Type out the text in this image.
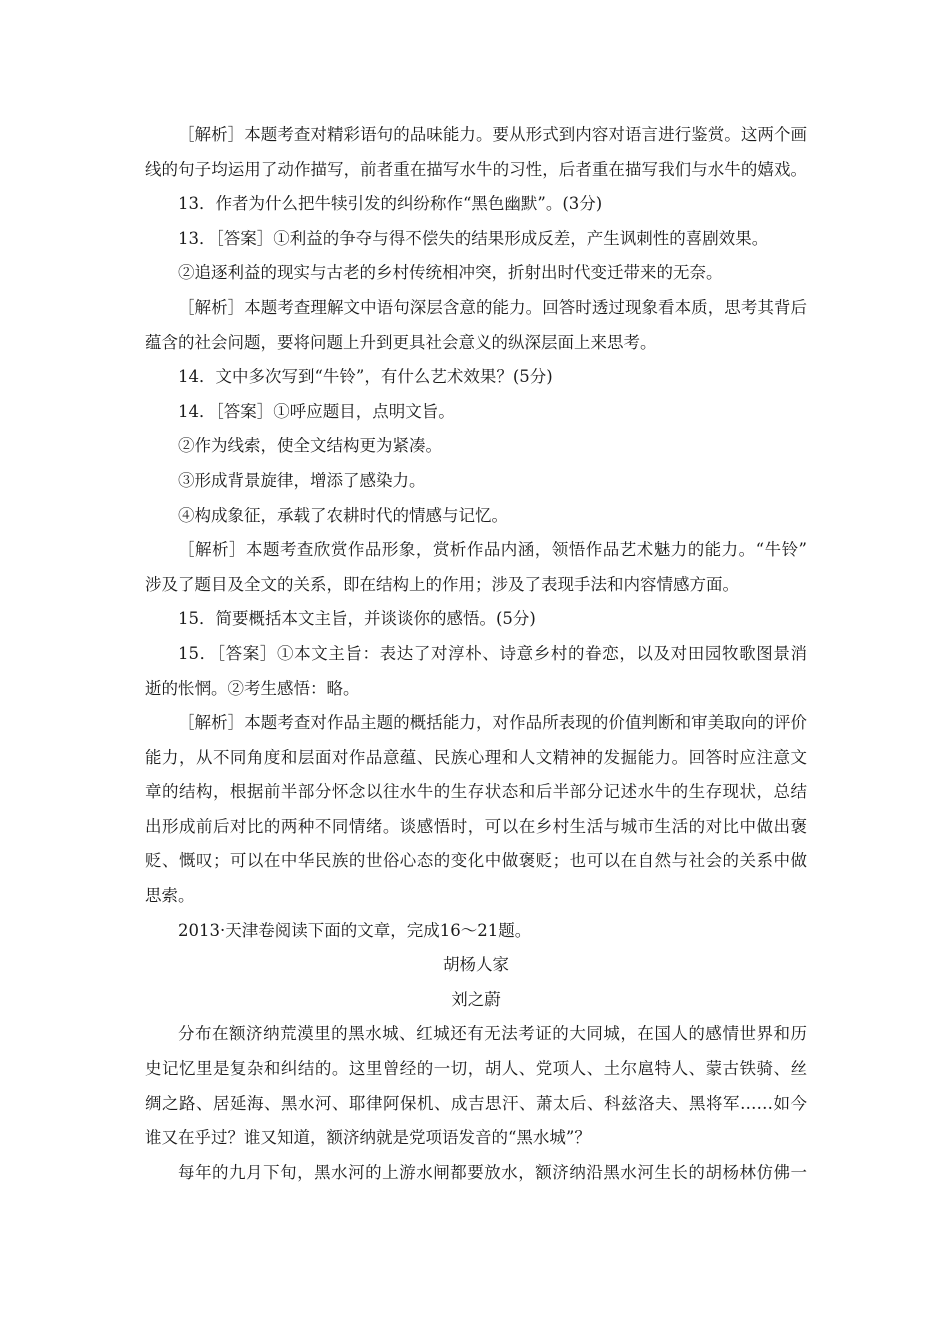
［解析］本题考查对精彩语句的品味能力。要从形式到内容对语言进行鉴赏。这两个画
线的句子均运用了动作描写，前者重在描写水牛的习性，后者重在描写我们与水牛的嬉戏。
13．作者为什么把牛犊引发的纠纷称作“黑色幽默”。(3分)
13．［答案］①利益的争夺与得不偿失的结果形成反差，产生讽刺性的喜剧效果。
②追逐利益的现实与古老的乡村传统相冲突，折射出时代变迁带来的无奈。
［解析］本题考查理解文中语句深层含意的能力。回答时透过现象看本质，思考其背后
蕴含的社会问题，要将问题上升到更具社会意义的纵深层面上来思考。
14．文中多次写到“牛铃”，有什么艺术效果？(5分)
14．［答案］①呼应题目，点明文旨。
②作为线索，使全文结构更为紧凑。
③形成背景旋律，增添了感染力。
④构成象征，承载了农耕时代的情感与记忆。
［解析］本题考查欣赏作品形象，赏析作品内涵，领悟作品艺术魅力的能力。“牛铃”
涉及了题目及全文的关系，即在结构上的作用；涉及了表现手法和内容情感方面。
15．简要概括本文主旨，并谈谈你的感悟。(5分)
15．［答案］①本文主旨：表达了对淳朴、诗意乡村的眷恋，以及对田园牧歌图景消
逝的怅惘。②考生感悟：略。
［解析］本题考查对作品主题的概括能力，对作品所表现的价值判断和审美取向的评价
能力，从不同角度和层面对作品意蕴、民族心理和人文精神的发掘能力。回答时应注意文
章的结构，根据前半部分怀念以往水牛的生存状态和后半部分记述水牛的生存现状，总结
出形成前后对比的两种不同情绪。谈感悟时，可以在乡村生活与城市生活的对比中做出褒
贬、慨叹；可以在中华民族的世俗心态的变化中做褒贬；也可以在自然与社会的关系中做
思索。
2013·天津卷阅读下面的文章，完成16～21题。
胡杨人家
刘之蔚
分布在额济纳荒漠里的黑水城、红城还有无法考证的大同城，在国人的感情世界和历
史记忆里是复杂和纠结的。这里曾经的一切，胡人、党项人、土尔扈特人、蒙古铁骑、丝
绸之路、居延海、黑水河、耶律阿保机、成吉思汗、萧太后、科兹洛夫、黑将军……如今
谁又在乎过？谁又知道，额济纳就是党项语发音的“黑水城”？
每年的九月下旬，黑水河的上游水闸都要放水，额济纳沿黑水河生长的胡杨林仿佛一
